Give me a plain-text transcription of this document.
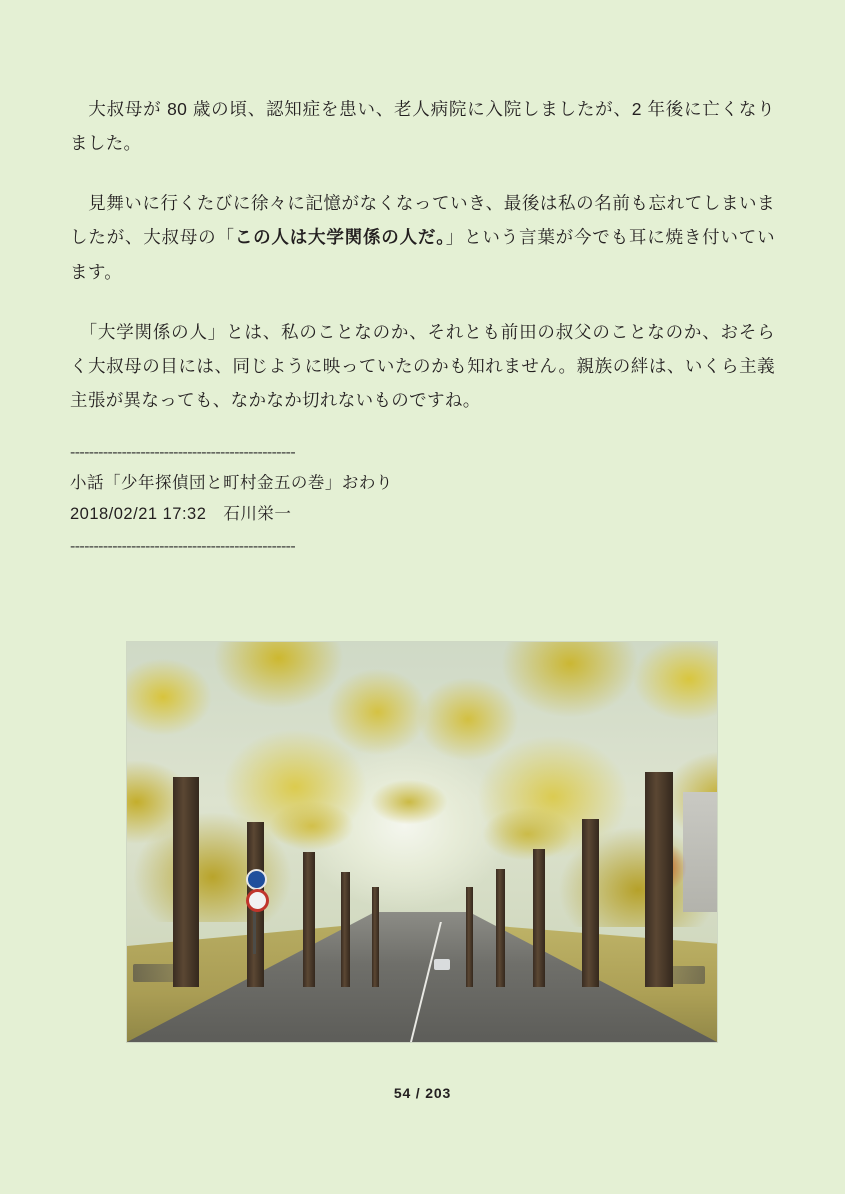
　大叔母が 80 歳の頃、認知症を患い、老人病院に入院しましたが、2 年後に亡くなりました。

　見舞いに行くたびに徐々に記憶がなくなっていき、最後は私の名前も忘れてしまいましたが、大叔母の「この人は大学関係の人だ。」という言葉が今でも耳に焼き付いています。

　「大学関係の人」とは、私のことなのか、それとも前田の叔父のことなのか、おそらく大叔母の目には、同じように映っていたのかも知れません。親族の絆は、いくら主義主張が異なっても、なかなか切れないものですね。

------------------------------------------------
小話「少年探偵団と町村金五の巻」おわり
2018/02/21 17:32　石川栄一
------------------------------------------------
54 / 203
